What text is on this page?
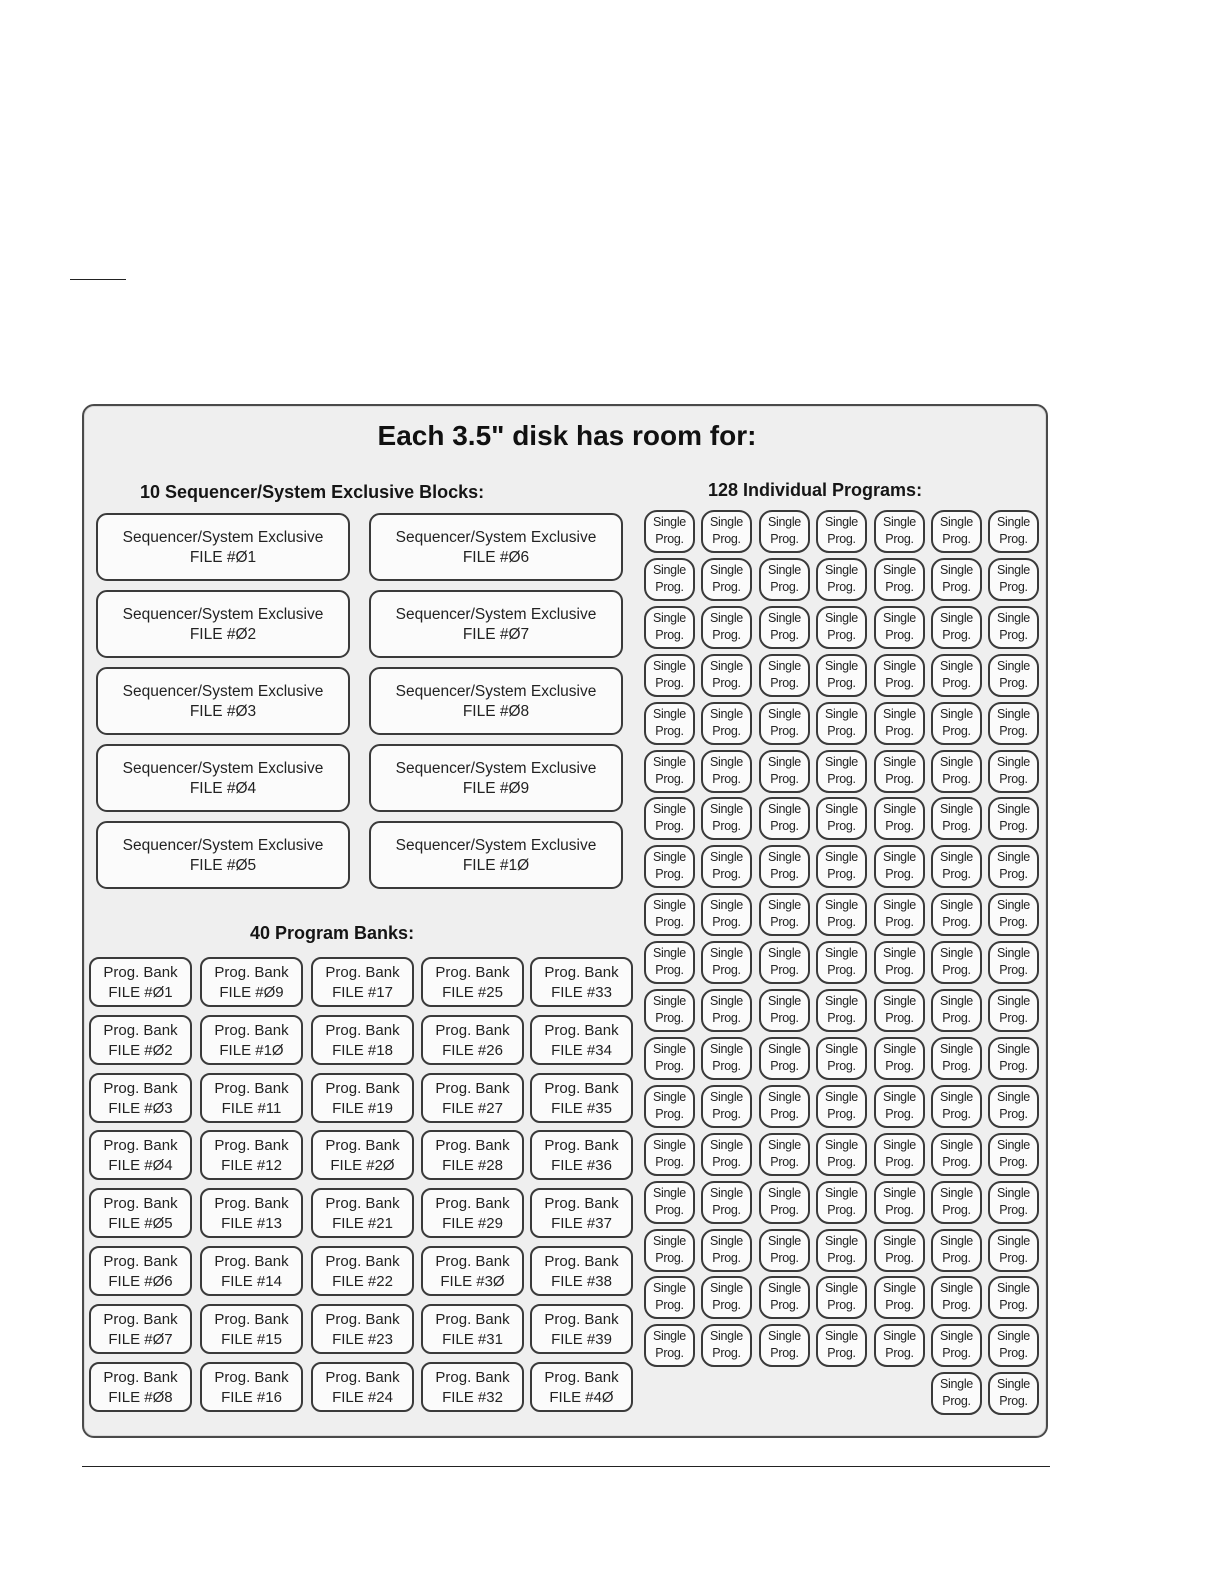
Each 3.5" disk has room for:
10 Sequencer/System Exclusive Blocks:	128 Individual Programs:
40 Program Banks:
Sequencer/System Exclusive
FILE #Ø1
Sequencer/System Exclusive
FILE #Ø2
Sequencer/System Exclusive
FILE #Ø3
Sequencer/System Exclusive
FILE #Ø4
Sequencer/System Exclusive
FILE #Ø5
Sequencer/System Exclusive
FILE #Ø6
Sequencer/System Exclusive
FILE #Ø7
Sequencer/System Exclusive
FILE #Ø8
Sequencer/System Exclusive
FILE #Ø9
Sequencer/System Exclusive
FILE #1Ø
Prog. Bank
FILE #Ø1
Prog. Bank
FILE #Ø2
Prog. Bank
FILE #Ø3
Prog. Bank
FILE #Ø4
Prog. Bank
FILE #Ø5
Prog. Bank
FILE #Ø6
Prog. Bank
FILE #Ø7
Prog. Bank
FILE #Ø8
Prog. Bank
FILE #Ø9
Prog. Bank
FILE #1Ø
Prog. Bank
FILE #11
Prog. Bank
FILE #12
Prog. Bank
FILE #13
Prog. Bank
FILE #14
Prog. Bank
FILE #15
Prog. Bank
FILE #16
Prog. Bank
FILE #17
Prog. Bank
FILE #18
Prog. Bank
FILE #19
Prog. Bank
FILE #2Ø
Prog. Bank
FILE #21
Prog. Bank
FILE #22
Prog. Bank
FILE #23
Prog. Bank
FILE #24
Prog. Bank
FILE #25
Prog. Bank
FILE #26
Prog. Bank
FILE #27
Prog. Bank
FILE #28
Prog. Bank
FILE #29
Prog. Bank
FILE #3Ø
Prog. Bank
FILE #31
Prog. Bank
FILE #32
Prog. Bank
FILE #33
Prog. Bank
FILE #34
Prog. Bank
FILE #35
Prog. Bank
FILE #36
Prog. Bank
FILE #37
Prog. Bank
FILE #38
Prog. Bank
FILE #39
Prog. Bank
FILE #4Ø
Single
Prog.
Single
Prog.
Single
Prog.
Single
Prog.
Single
Prog.
Single
Prog.
Single
Prog.
Single
Prog.
Single
Prog.
Single
Prog.
Single
Prog.
Single
Prog.
Single
Prog.
Single
Prog.
Single
Prog.
Single
Prog.
Single
Prog.
Single
Prog.
Single
Prog.
Single
Prog.
Single
Prog.
Single
Prog.
Single
Prog.
Single
Prog.
Single
Prog.
Single
Prog.
Single
Prog.
Single
Prog.
Single
Prog.
Single
Prog.
Single
Prog.
Single
Prog.
Single
Prog.
Single
Prog.
Single
Prog.
Single
Prog.
Single
Prog.
Single
Prog.
Single
Prog.
Single
Prog.
Single
Prog.
Single
Prog.
Single
Prog.
Single
Prog.
Single
Prog.
Single
Prog.
Single
Prog.
Single
Prog.
Single
Prog.
Single
Prog.
Single
Prog.
Single
Prog.
Single
Prog.
Single
Prog.
Single
Prog.
Single
Prog.
Single
Prog.
Single
Prog.
Single
Prog.
Single
Prog.
Single
Prog.
Single
Prog.
Single
Prog.
Single
Prog.
Single
Prog.
Single
Prog.
Single
Prog.
Single
Prog.
Single
Prog.
Single
Prog.
Single
Prog.
Single
Prog.
Single
Prog.
Single
Prog.
Single
Prog.
Single
Prog.
Single
Prog.
Single
Prog.
Single
Prog.
Single
Prog.
Single
Prog.
Single
Prog.
Single
Prog.
Single
Prog.
Single
Prog.
Single
Prog.
Single
Prog.
Single
Prog.
Single
Prog.
Single
Prog.
Single
Prog.
Single
Prog.
Single
Prog.
Single
Prog.
Single
Prog.
Single
Prog.
Single
Prog.
Single
Prog.
Single
Prog.
Single
Prog.
Single
Prog.
Single
Prog.
Single
Prog.
Single
Prog.
Single
Prog.
Single
Prog.
Single
Prog.
Single
Prog.
Single
Prog.
Single
Prog.
Single
Prog.
Single
Prog.
Single
Prog.
Single
Prog.
Single
Prog.
Single
Prog.
Single
Prog.
Single
Prog.
Single
Prog.
Single
Prog.
Single
Prog.
Single
Prog.
Single
Prog.
Single
Prog.
Single
Prog.
Single
Prog.
Single
Prog.
Single
Prog.
